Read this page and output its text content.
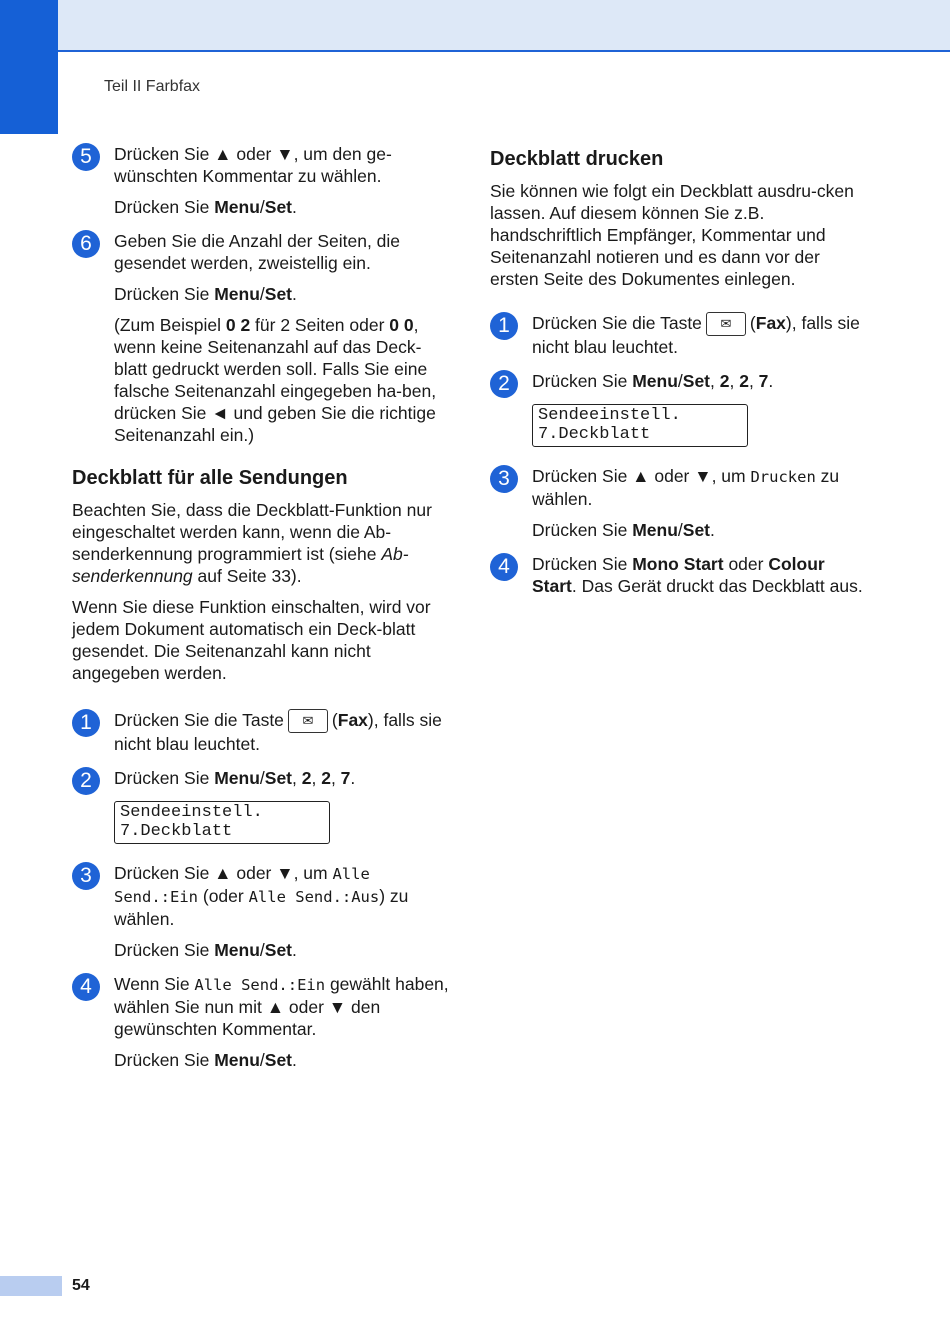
Teil II Farbfax
5	Drücken Sie ▲ oder ▼, um den ge-wünschten Kommentar zu wählen.

Drücken Sie Menu/Set.

6	Geben Sie die Anzahl der Seiten, die gesendet werden, zweistellig ein.

Drücken Sie Menu/Set.

(Zum Beispiel 0 2 für 2 Seiten oder 0 0, wenn keine Seitenanzahl auf das Deck-blatt gedruckt werden soll. Falls Sie eine falsche Seitenanzahl eingegeben ha-ben, drücken Sie ◄ und geben Sie die richtige Seitenanzahl ein.)

Deckblatt für alle Sendungen

Beachten Sie, dass die Deckblatt-Funktion nur eingeschaltet werden kann, wenn die Ab-senderkennung programmiert ist (siehe Ab-senderkennung auf Seite 33).

Wenn Sie diese Funktion einschalten, wird vor jedem Dokument automatisch ein Deck-blatt gesendet. Die Seitenanzahl kann nicht angegeben werden.

1	Drücken Sie die Taste ✉ (Fax), falls sie nicht blau leuchtet.

2	Drücken Sie Menu/Set, 2, 2, 7.

Sendeeinstell.
7.Deckblatt
3	Drücken Sie ▲ oder ▼, um Alle Send.:Ein (oder Alle Send.:Aus) zu wählen.

Drücken Sie Menu/Set.

4	Wenn Sie Alle Send.:Ein gewählt haben, wählen Sie nun mit ▲ oder ▼ den gewünschten Kommentar.

Drücken Sie Menu/Set.

Deckblatt drucken

Sie können wie folgt ein Deckblatt ausdru-cken lassen. Auf diesem können Sie z.B. handschriftlich Empfänger, Kommentar und Seitenanzahl notieren und es dann vor der ersten Seite des Dokumentes einlegen.

1	Drücken Sie die Taste ✉ (Fax), falls sie nicht blau leuchtet.

2	Drücken Sie Menu/Set, 2, 2, 7.

Sendeeinstell.
7.Deckblatt
3	Drücken Sie ▲ oder ▼, um Drucken zu wählen.

Drücken Sie Menu/Set.

4	Drücken Sie Mono Start oder Colour Start. Das Gerät druckt das Deckblatt aus.

54
